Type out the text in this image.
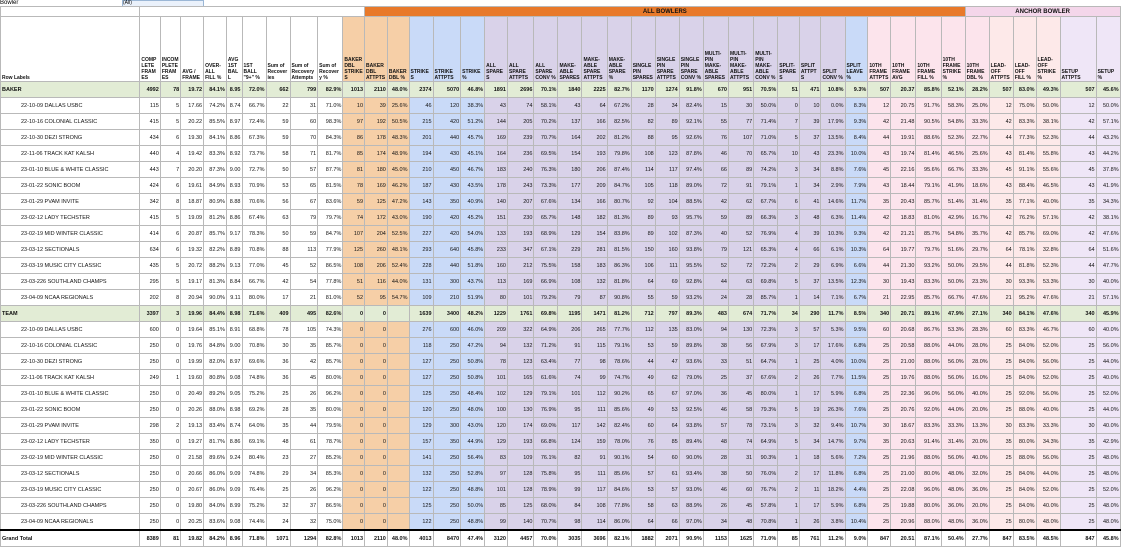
Bowler	(All)
											ALL BOWLERS																									ANCHOR BOWLER		
Row Labels	COMPLETE FRAMES	INCOMPLETE FRAMES	AVG / FRAME	OVER-ALL FILL %	AVG 1ST BALL	1ST BALL "9+" %	Sum of Recoveries	Sum of Recovery Attempts	Sum of Recovery %	BAKER DBL STRIKES	BAKER DBL ATTPTS	BAKER DBL %	STRIKES	STRIKE ATTPTS	STRIKE %	ALL SPARES	ALL SPARE ATTPTS	ALL SPARE CONV %	MAKE-ABLE SPARES	MAKE-ABLE SPARE ATTPTS	MAKE-ABLE SPARE %	SINGLE PIN SPARES	SINGLE PIN SPARE ATTPTS	SINGLE PIN SPARE CONV %	MULTI-PIN MAKE-ABLE SPARES	MULTI-PIN MAKE-ABLE ATTPTS	MULTI-PIN MAKE-ABLE CONV %	SPLIT-SPARES	SPLIT ATTPTS	SPLIT CONV %	SPLIT LEAVE %	10TH FRAME ATTPTS	10TH FRAME AVG	10TH FRAME FILL %	10TH FRAME STRIKE %	10TH FRAME DBL %	LEAD-OFF ATTPTS	LEAD-OFF FILL %	LEAD-OFF STRIKE %	SETUP ATTPTS	SETUP %	
BAKER	4992	78	19.72	84.1%	8.95	72.0%	662	799	82.9%	1013	2110	48.0%	2374	5070	46.8%	1891	2696	70.1%	1840	2225	82.7%	1170	1274	91.8%	670	951	70.5%	51	471	10.8%	9.3%	507	20.37	85.8%	52.1%	28.2%	507	83.0%	49.3%	507	45.6%	
22-10-09 DALLAS USBC	115	5	17.66	74.2%	8.74	66.7%	22	31	71.0%	10	39	25.6%	46	120	38.3%	43	74	58.1%	43	64	67.2%	28	34	82.4%	15	30	50.0%	0	10	0.0%	8.3%	12	20.75	91.7%	58.3%	25.0%	12	75.0%	50.0%	12	50.0%	
22-10-16 COLONIAL CLASSIC	415	5	20.22	85.5%	8.97	72.4%	59	60	98.3%	97	192	50.5%	215	420	51.2%	144	205	70.2%	137	166	82.5%	82	89	92.1%	55	77	71.4%	7	39	17.9%	9.3%	42	21.48	90.5%	54.8%	33.3%	42	83.3%	38.1%	42	57.1%	
22-10-30 DEZI STRONG	434	6	19.30	84.1%	8.86	67.3%	59	70	84.3%	86	178	48.3%	201	440	45.7%	169	239	70.7%	164	202	81.2%	88	95	92.6%	76	107	71.0%	5	37	13.5%	8.4%	44	19.91	88.6%	52.3%	22.7%	44	77.3%	52.3%	44	43.2%	
22-11-06 TRACK KAT KALSH	440	4	19.42	83.3%	8.92	73.7%	58	71	81.7%	85	174	48.9%	194	430	45.1%	164	236	69.5%	154	193	79.8%	108	123	87.8%	46	70	65.7%	10	43	23.3%	10.0%	43	19.74	81.4%	46.5%	25.6%	43	81.4%	55.8%	43	44.2%	
23-01-10 BLUE & WHITE CLASSIC	443	7	20.20	87.3%	9.00	72.7%	50	57	87.7%	81	180	45.0%	210	450	46.7%	183	240	76.3%	180	206	87.4%	114	117	97.4%	66	89	74.2%	3	34	8.8%	7.6%	45	22.16	95.6%	66.7%	33.3%	45	91.1%	55.6%	45	37.8%	
23-01-22 SONIC BOOM	424	6	19.61	84.9%	8.93	70.9%	53	65	81.5%	78	169	46.2%	187	430	43.5%	178	243	73.3%	177	209	84.7%	105	118	89.0%	72	91	79.1%	1	34	2.9%	7.9%	43	18.44	79.1%	41.9%	18.6%	43	88.4%	46.5%	43	41.9%	
23-01-29 PVAM INVITE	342	8	18.87	80.9%	8.88	70.6%	56	67	83.6%	59	125	47.2%	143	350	40.9%	140	207	67.6%	134	166	80.7%	92	104	88.5%	42	62	67.7%	6	41	14.6%	11.7%	35	20.43	85.7%	51.4%	31.4%	35	77.1%	40.0%	35	34.3%	
23-02-12 LADY TECHSTER	415	5	19.09	81.2%	8.86	67.4%	63	79	79.7%	74	172	43.0%	190	420	45.2%	151	230	65.7%	148	182	81.3%	89	93	95.7%	59	89	66.3%	3	48	6.3%	11.4%	42	18.83	81.0%	42.9%	16.7%	42	76.2%	57.1%	42	38.1%	
23-02-19 MID WINTER CLASSIC	414	6	20.87	85.7%	9.17	78.3%	50	59	84.7%	107	204	52.5%	227	420	54.0%	133	193	68.9%	129	154	83.8%	89	102	87.3%	40	52	76.9%	4	39	10.3%	9.3%	42	21.21	85.7%	54.8%	35.7%	42	85.7%	69.0%	42	47.6%	
23-03-12 SECTIONALS	634	6	19.32	82.2%	8.89	70.8%	88	113	77.9%	125	260	48.1%	293	640	45.8%	233	347	67.1%	229	281	81.5%	150	160	93.8%	79	121	65.3%	4	66	6.1%	10.3%	64	19.77	79.7%	51.6%	29.7%	64	78.1%	32.8%	64	51.6%	
23-03-19 MUSIC CITY CLASSIC	435	5	20.72	88.2%	9.13	77.0%	45	52	86.5%	108	206	52.4%	228	440	51.8%	160	212	75.5%	158	183	86.3%	106	111	95.5%	52	72	72.2%	2	29	6.9%	6.6%	44	21.30	93.2%	50.0%	29.5%	44	81.8%	52.3%	44	47.7%	
23-03-226 SOUTHLAND CHAMPS	295	5	19.17	81.3%	8.84	66.7%	42	54	77.8%	51	116	44.0%	131	300	43.7%	113	169	66.9%	108	132	81.8%	64	69	92.8%	44	63	69.8%	5	37	13.5%	12.3%	30	19.43	83.3%	50.0%	23.3%	30	93.3%	53.3%	30	40.0%	
23-04-09 NCAA REGIONALS	202	8	20.94	90.0%	9.11	80.0%	17	21	81.0%	52	95	54.7%	109	210	51.9%	80	101	79.2%	79	87	90.8%	55	59	93.2%	24	28	85.7%	1	14	7.1%	6.7%	21	22.95	85.7%	66.7%	47.6%	21	95.2%	47.6%	21	57.1%	
TEAM	3397	3	19.96	84.4%	8.98	71.6%	409	495	82.6%	0	0		1639	3400	48.2%	1229	1761	69.8%	1195	1471	81.2%	712	797	89.3%	483	674	71.7%	34	290	11.7%	8.5%	340	20.71	89.1%	47.9%	27.1%	340	84.1%	47.6%	340	45.9%	
22-10-09 DALLAS USBC	600	0	19.64	85.1%	8.91	68.8%	78	105	74.3%	0	0		276	600	46.0%	209	322	64.9%	206	265	77.7%	112	135	83.0%	94	130	72.3%	3	57	5.3%	9.5%	60	20.68	86.7%	53.3%	28.3%	60	83.3%	46.7%	60	40.0%	
22-10-16 COLONIAL CLASSIC	250	0	19.76	84.8%	9.00	70.8%	30	35	85.7%	0	0		118	250	47.2%	94	132	71.2%	91	115	79.1%	53	59	89.8%	38	56	67.9%	3	17	17.6%	6.8%	25	20.58	88.0%	44.0%	28.0%	25	84.0%	52.0%	25	56.0%	
22-10-30 DEZI STRONG	250	0	19.99	82.0%	8.97	69.6%	36	42	85.7%	0	0		127	250	50.8%	78	123	63.4%	77	98	78.6%	44	47	93.6%	33	51	64.7%	1	25	4.0%	10.0%	25	21.00	88.0%	56.0%	28.0%	25	84.0%	56.0%	25	44.0%	
22-11-06 TRACK KAT KALSH	249	1	19.60	80.8%	9.08	74.8%	36	45	80.0%	0	0		127	250	50.8%	101	165	61.6%	74	99	74.7%	49	62	79.0%	25	37	67.6%	2	26	7.7%	11.5%	25	19.76	88.0%	56.0%	16.0%	25	84.0%	52.0%	25	40.0%	
23-01-10 BLUE & WHITE CLASSIC	250	0	20.49	89.2%	9.05	75.2%	25	26	96.2%	0	0		125	250	48.4%	102	129	79.1%	101	112	90.2%	65	67	97.0%	36	45	80.0%	1	17	5.9%	6.8%	25	22.36	96.0%	56.0%	40.0%	25	92.0%	56.0%	25	52.0%	
23-01-22 SONIC BOOM	250	0	20.26	88.0%	8.98	69.2%	28	35	80.0%	0	0		120	250	48.0%	100	130	76.9%	95	111	85.6%	49	53	92.5%	46	58	79.3%	5	19	26.3%	7.6%	25	20.76	92.0%	44.0%	20.0%	25	88.0%	40.0%	25	44.0%	
23-01-29 PVAM INVITE	298	2	19.13	83.4%	8.74	64.0%	35	44	79.5%	0	0		129	300	43.0%	120	174	69.0%	117	142	82.4%	60	64	93.8%	57	78	73.1%	3	32	9.4%	10.7%	30	18.67	83.3%	33.3%	13.3%	30	83.3%	33.3%	30	40.0%	
23-02-12 LADY TECHSTER	350	0	19.27	81.7%	8.86	69.1%	48	61	78.7%	0	0		157	350	44.9%	129	193	66.8%	124	159	78.0%	76	85	89.4%	48	74	64.9%	5	34	14.7%	9.7%	35	20.63	91.4%	31.4%	20.0%	35	80.0%	34.3%	35	42.9%	
23-02-19 MID WINTER CLASSIC	250	0	21.58	89.6%	9.24	80.4%	23	27	85.2%	0	0		141	250	56.4%	83	109	76.1%	82	91	90.1%	54	60	90.0%	28	31	90.3%	1	18	5.6%	7.2%	25	21.96	88.0%	56.0%	40.0%	25	88.0%	56.0%	25	48.0%	
23-03-12 SECTIONALS	250	0	20.66	86.0%	9.09	74.8%	29	34	85.3%	0	0		132	250	52.8%	97	128	75.8%	95	111	85.6%	57	61	93.4%	38	50	76.0%	2	17	11.8%	6.8%	25	21.00	80.0%	48.0%	32.0%	25	84.0%	44.0%	25	48.0%	
23-03-19 MUSIC CITY CLASSIC	250	0	20.67	86.0%	9.09	76.4%	25	26	96.2%	0	0		122	250	48.8%	101	128	78.9%	99	117	84.6%	53	57	93.0%	46	60	76.7%	2	11	18.2%	4.4%	25	22.08	96.0%	48.0%	36.0%	25	84.0%	52.0%	25	52.0%	
23-03-226 SOUTHLAND CHAMPS	250	0	19.80	84.0%	8.99	75.2%	32	37	86.5%	0	0		125	250	50.0%	85	125	68.0%	84	108	77.8%	58	63	88.9%	26	45	57.8%	1	17	5.9%	6.8%	25	19.88	80.0%	36.0%	20.0%	25	84.0%	40.0%	25	48.0%	
23-04-09 NCAA REGIONALS	250	0	20.25	83.6%	9.08	74.4%	24	32	75.0%	0	0		122	250	48.8%	99	140	70.7%	98	114	86.0%	64	66	97.0%	34	48	70.8%	1	26	3.8%	10.4%	25	20.96	88.0%	48.0%	36.0%	25	80.0%	48.0%	25	48.0%	
Grand Total	8389	81	19.82	84.2%	8.96	71.8%	1071	1294	82.8%	1013	2110	48.0%	4013	8470	47.4%	3120	4457	70.0%	3035	3696	82.1%	1882	2071	90.9%	1153	1625	71.0%	85	761	11.2%	9.0%	847	20.51	87.1%	50.4%	27.7%	847	83.5%	48.5%	847	45.8%	
